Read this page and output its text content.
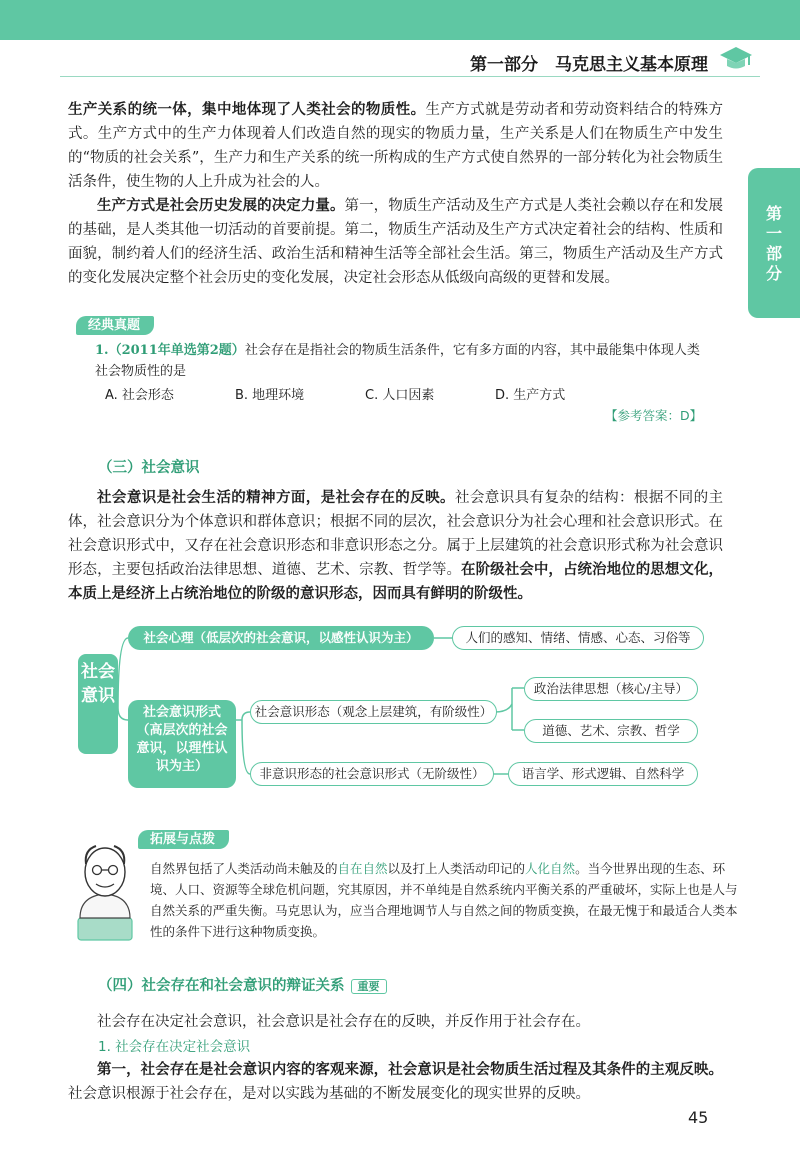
第一部分　马克思主义基本原理
第一部分

生产关系的统一体，集中地体现了人类社会的物质性。生产方式就是劳动者和劳动资料结合的特殊方式。生产方式中的生产力体现着人们改造自然的现实的物质力量，生产关系是人们在物质生产中发生的“物质的社会关系”，生产力和生产关系的统一所构成的生产方式使自然界的一部分转化为社会物质生活条件，使生物的人上升成为社会的人。

生产方式是社会历史发展的决定力量。第一，物质生产活动及生产方式是人类社会赖以存在和发展的基础，是人类其他一切活动的首要前提。第二，物质生产活动及生产方式决定着社会的结构、性质和面貌，制约着人们的经济生活、政治生活和精神生活等全部社会生活。第三，物质生产活动及生产方式的变化发展决定整个社会历史的变化发展，决定社会形态从低级向高级的更替和发展。

经典真题
1.（2011年单选第2题）社会存在是指社会的物质生活条件，它有多方面的内容，其中最能集中体现人类社会物质性的是
A. 社会形态	B. 地理环境	C. 人口因素	D. 生产方式
【参考答案：D】
（三）社会意识

社会意识是社会生活的精神方面，是社会存在的反映。社会意识具有复杂的结构：根据不同的主体，社会意识分为个体意识和群体意识；根据不同的层次，社会意识分为社会心理和社会意识形式。在社会意识形式中，又存在社会意识形态和非意识形态之分。属于上层建筑的社会意识形式称为社会意识形态，主要包括政治法律思想、道德、艺术、宗教、哲学等。在阶级社会中，占统治地位的思想文化，本质上是经济上占统治地位的阶级的意识形态，因而具有鲜明的阶级性。

社会意识
社会心理（低层次的社会意识，以感性认识为主）	人们的感知、情绪、情感、心态、习俗等
社会意识形式（高层次的社会意识，以理性认识为主）
社会意识形态（观念上层建筑，有阶级性）
政治法律思想（核心/主导）
道德、艺术、宗教、哲学
非意识形态的社会意识形式（无阶级性）	语言学、形式逻辑、自然科学
拓展与点拨
自然界包括了人类活动尚未触及的自在自然以及打上人类活动印记的人化自然。当今世界出现的生态、环境、人口、资源等全球危机问题，究其原因，并不单纯是自然系统内平衡关系的严重破坏，实际上也是人与自然关系的严重失衡。马克思认为，应当合理地调节人与自然之间的物质变换，在最无愧于和最适合人类本性的条件下进行这种物质变换。
（四）社会存在和社会意识的辩证关系 重要

社会存在决定社会意识，社会意识是社会存在的反映，并反作用于社会存在。

1. 社会存在决定社会意识

第一，社会存在是社会意识内容的客观来源，社会意识是社会物质生活过程及其条件的主观反映。社会意识根源于社会存在，是对以实践为基础的不断发展变化的现实世界的反映。

45
